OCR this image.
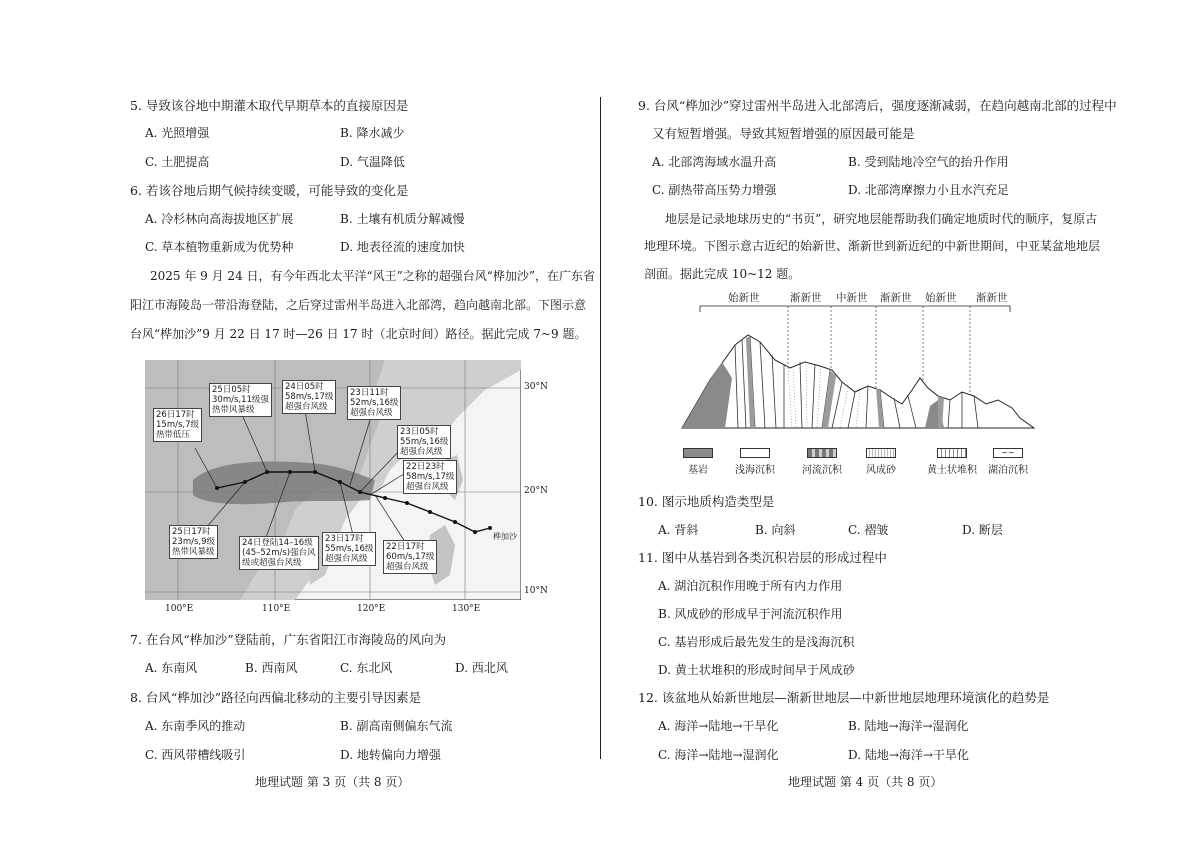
5. 导致该谷地中期灌木取代早期草本的直接原因是
A. 光照增强	B. 降水减少
C. 土肥提高	D. 气温降低
6. 若该谷地后期气候持续变暖，可能导致的变化是
A. 冷杉林向高海拔地区扩展	B. 土壤有机质分解减慢
C. 草本植物重新成为优势种	D. 地表径流的速度加快
2025 年 9 月 24 日，有今年西北太平洋“风王”之称的超强台风“桦加沙”，在广东省
阳江市海陵岛一带沿海登陆，之后穿过雷州半岛进入北部湾，趋向越南北部。下图示意
台风“桦加沙”9 月 22 日 17 时—26 日 17 时（北京时间）路径。据此完成 7~9 题。
25日05时
30m/s,11级强
热带风暴级
24日05时
58m/s,17级
超强台风级
23日11时
52m/s,16级
超强台风级
26日17时
15m/s,7级
热带低压	23日05时
55m/s,16级
超强台风级
22日23时
58m/s,17级
超强台风级
25日17时
23m/s,9级
热带风暴级
24日登陆14–16级
(45–52m/s)强台风
级或超强台风级
23日17时
55m/s,16级
超强台风级
22日17时
60m/s,17级
超强台风级
桦加沙
100°E	110°E	120°E	130°E
30°N
20°N
10°N
7. 在台风“桦加沙”登陆前，广东省阳江市海陵岛的风向为
A. 东南风	B. 西南风	C. 东北风	D. 西北风
8. 台风“桦加沙”路径向西偏北移动的主要引导因素是
A. 东南季风的推动	B. 副高南侧偏东气流
C. 西风带槽线吸引	D. 地转偏向力增强
地理试题 第 3 页（共 8 页）
9. 台风“桦加沙”穿过雷州半岛进入北部湾后，强度逐渐减弱，在趋向越南北部的过程中
又有短暂增强。导致其短暂增强的原因最可能是
A. 北部湾海域水温升高	B. 受到陆地冷空气的抬升作用
C. 副热带高压势力增强	D. 北部湾摩擦力小且水汽充足
地层是记录地球历史的“书页”，研究地层能帮助我们确定地质时代的顺序，复原古
地理环境。下图示意古近纪的始新世、渐新世到新近纪的中新世期间，中亚某盆地地层
剖面。据此完成 10~12 题。
始新世	渐新世 中新世 渐新世 始新世 渐新世
基岩	浅海沉积	河流沉积 风成砂	黄土状堆积
∼∼
湖泊沉积
10. 图示地质构造类型是
A. 背斜	B. 向斜	C. 褶皱	D. 断层
11. 图中从基岩到各类沉积岩层的形成过程中
A. 湖泊沉积作用晚于所有内力作用
B. 风成砂的形成早于河流沉积作用
C. 基岩形成后最先发生的是浅海沉积
D. 黄土状堆积的形成时间早于风成砂
12. 该盆地从始新世地层—渐新世地层—中新世地层地理环境演化的趋势是
A. 海洋→陆地→干旱化	B. 陆地→海洋→湿润化
C. 海洋→陆地→湿润化	D. 陆地→海洋→干旱化
地理试题 第 4 页（共 8 页）
